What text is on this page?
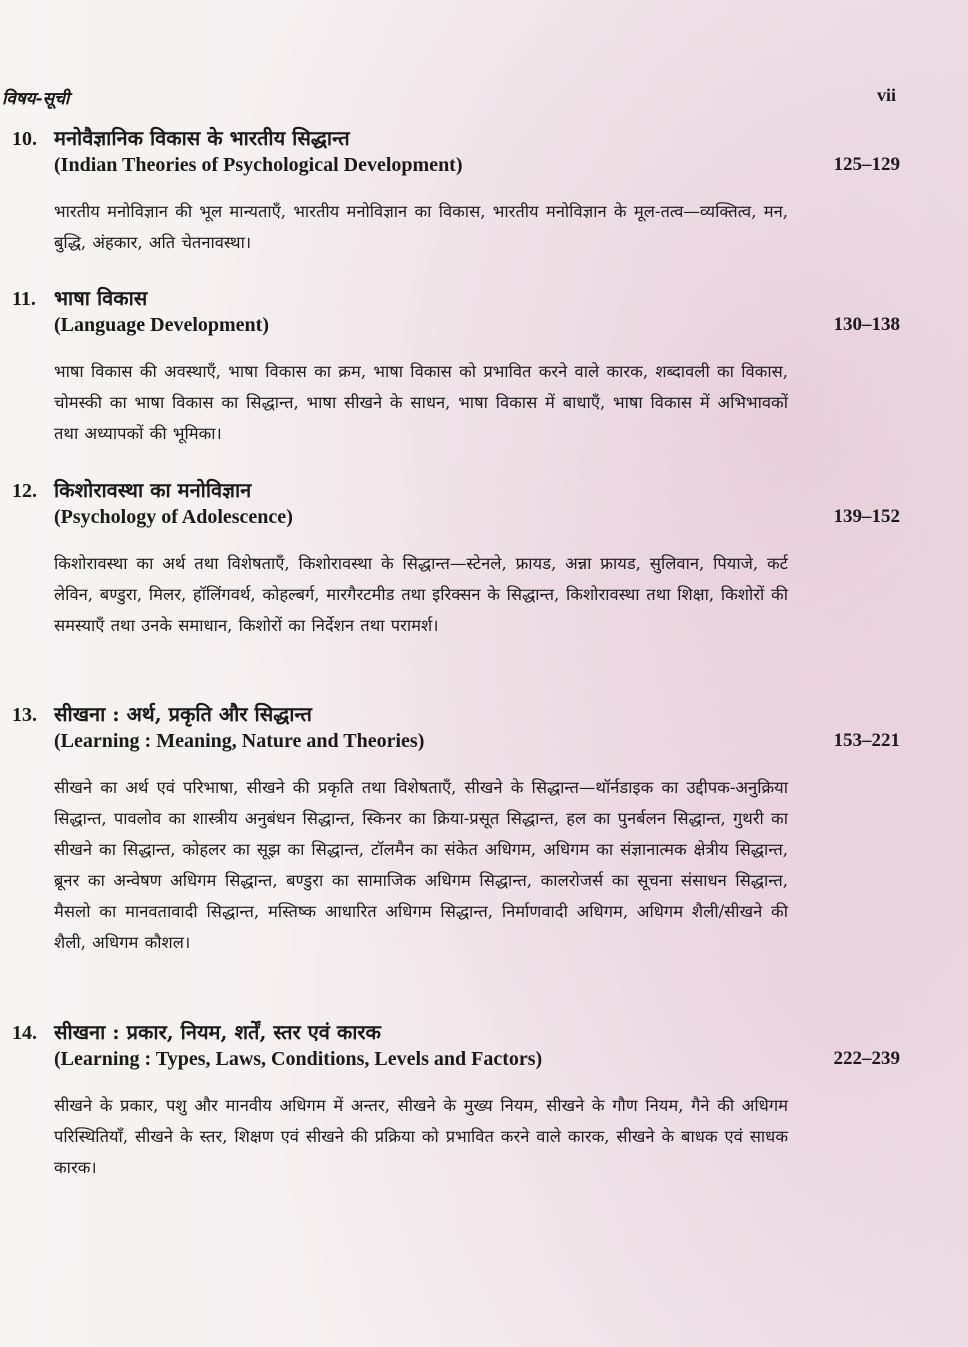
विषय-सूची	vii
10. मनोवैज्ञानिक विकास के भारतीय सिद्धान्त
(Indian Theories of Psychological Development)	125–129
भारतीय मनोविज्ञान की भूल मान्यताएँ, भारतीय मनोविज्ञान का विकास, भारतीय मनोविज्ञान के मूल-तत्व—व्यक्तित्व, मन, बुद्धि, अंहकार, अति चेतनावस्था।
11. भाषा विकास
(Language Development)	130–138
भाषा विकास की अवस्थाएँ, भाषा विकास का क्रम, भाषा विकास को प्रभावित करने वाले कारक, शब्दावली का विकास, चोमस्की का भाषा विकास का सिद्धान्त, भाषा सीखने के साधन, भाषा विकास में बाधाएँ, भाषा विकास में अभिभावकों तथा अध्यापकों की भूमिका।
12. किशोरावस्था का मनोविज्ञान
(Psychology of Adolescence)	139–152
किशोरावस्था का अर्थ तथा विशेषताएँ, किशोरावस्था के सिद्धान्त—स्टेनले, फ्रायड, अन्ना फ्रायड, सुलिवान, पियाजे, कर्ट लेविन, बण्डुरा, मिलर, हॉलिंगवर्थ, कोहल्बर्ग, मारगैरटमीड तथा इरिक्सन के सिद्धान्त, किशोरावस्था तथा शिक्षा, किशोरों की समस्याएँ तथा उनके समाधान, किशोरों का निर्देशन तथा परामर्श।
13. सीखना : अर्थ, प्रकृति और सिद्धान्त
(Learning : Meaning, Nature and Theories)	153–221
सीखने का अर्थ एवं परिभाषा, सीखने की प्रकृति तथा विशेषताएँ, सीखने के सिद्धान्त—थॉर्नडाइक का उद्दीपक-अनुक्रिया सिद्धान्त, पावलोव का शास्त्रीय अनुबंधन सिद्धान्त, स्किनर का क्रिया-प्रसूत सिद्धान्त, हल का पुनर्बलन सिद्धान्त, गुथरी का सीखने का सिद्धान्त, कोहलर का सूझ का सिद्धान्त, टॉलमैन का संकेत अधिगम, अधिगम का संज्ञानात्मक क्षेत्रीय सिद्धान्त, ब्रूनर का अन्वेषण अधिगम सिद्धान्त, बण्डुरा का सामाजिक अधिगम सिद्धान्त, कालरोजर्स का सूचना संसाधन सिद्धान्त, मैसलो का मानवतावादी सिद्धान्त, मस्तिष्क आधारित अधिगम सिद्धान्त, निर्माणवादी अधिगम, अधिगम शैली/सीखने की शैली, अधिगम कौशल।
14. सीखना : प्रकार, नियम, शर्तें, स्तर एवं कारक
(Learning : Types, Laws, Conditions, Levels and Factors)	222–239
सीखने के प्रकार, पशु और मानवीय अधिगम में अन्तर, सीखने के मुख्य नियम, सीखने के गौण नियम, गैने की अधिगम परिस्थितियाँ, सीखने के स्तर, शिक्षण एवं सीखने की प्रक्रिया को प्रभावित करने वाले कारक, सीखने के बाधक एवं साधक कारक।
